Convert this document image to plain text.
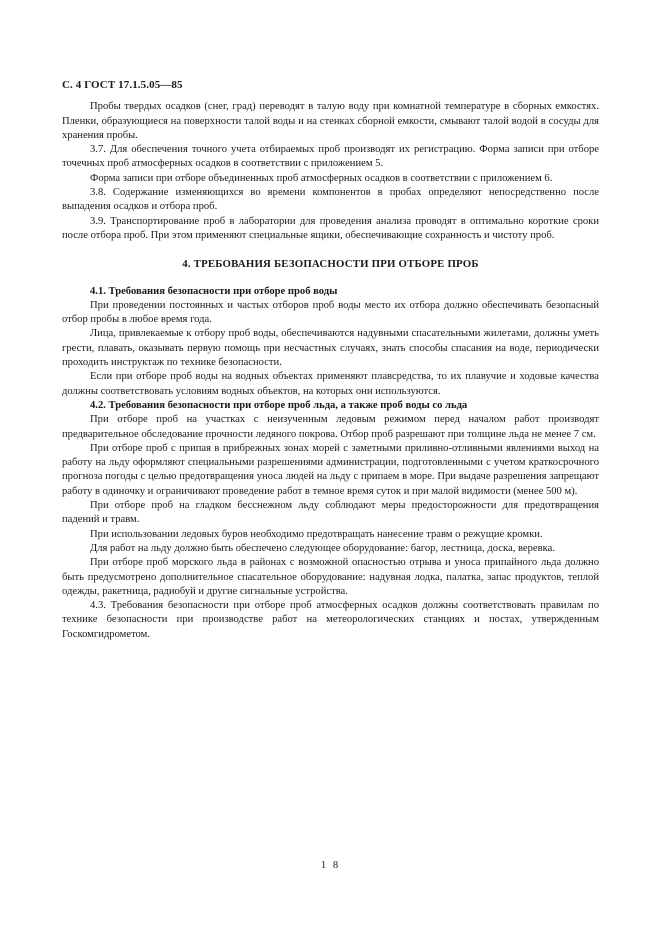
С. 4 ГОСТ 17.1.5.05—85

Пробы твердых осадков (снег, град) переводят в талую воду при комнатной температуре в сборных емкостях. Пленки, образующиеся на поверхности талой воды и на стенках сборной емкости, смывают талой водой в сосуды для хранения пробы.

3.7. Для обеспечения точного учета отбираемых проб производят их регистрацию. Форма записи при отборе точечных проб атмосферных осадков в соответствии с приложением 5.

Форма записи при отборе объединенных проб атмосферных осадков в соответствии с приложением 6.

3.8. Содержание изменяющихся во времени компонентов в пробах определяют непосредственно после выпадения осадков и отбора проб.

3.9. Транспортирование проб в лаборатории для проведения анализа проводят в оптимально короткие сроки после отбора проб. При этом применяют специальные ящики, обеспечивающие сохранность и чистоту проб.

4. ТРЕБОВАНИЯ БЕЗОПАСНОСТИ ПРИ ОТБОРЕ ПРОБ

4.1. Требования безопасности при отборе проб воды

При проведении постоянных и частых отборов проб воды место их отбора должно обеспечивать безопасный отбор пробы в любое время года.

Лица, привлекаемые к отбору проб воды, обеспечиваются надувными спасательными жилетами, должны уметь грести, плавать, оказывать первую помощь при несчастных случаях, знать способы спасания на воде, периодически проходить инструктаж по технике безопасности.

Если при отборе проб воды на водных объектах применяют плавсредства, то их плавучие и ходовые качества должны соответствовать условиям водных объектов, на которых они используются.

4.2. Требования безопасности при отборе проб льда, а также проб воды со льда

При отборе проб на участках с неизученным ледовым режимом перед началом работ производят предварительное обследование прочности ледяного покрова. Отбор проб разрешают при толщине льда не менее 7 см.

При отборе проб с припая в прибрежных зонах морей с заметными приливно-отливными явлениями выход на работу на льду оформляют специальными разрешениями администрации, подготовленными с учетом краткосрочного прогноза погоды с целью предотвращения уноса людей на льду с припаем в море. При выдаче разрешения запрещают работу в одиночку и ограничивают проведение работ в темное время суток и при малой видимости (менее 500 м).

При отборе проб на гладком бесснежном льду соблюдают меры предосторожности для предотвращения падений и травм.

При использовании ледовых буров необходимо предотвращать нанесение травм о режущие кромки.

Для работ на льду должно быть обеспечено следующее оборудование: багор, лестница, доска, веревка.

При отборе проб морского льда в районах с возможной опасностью отрыва и уноса припайного льда должно быть предусмотрено дополнительное спасательное оборудование: надувная лодка, палатка, запас продуктов, теплой одежды, ракетница, радиобуй и другие сигнальные устройства.

4.3. Требования безопасности при отборе проб атмосферных осадков должны соответствовать правилам по технике безопасности при производстве работ на метеорологических станциях и постах, утвержденным Госкомгидрометом.

1 8
